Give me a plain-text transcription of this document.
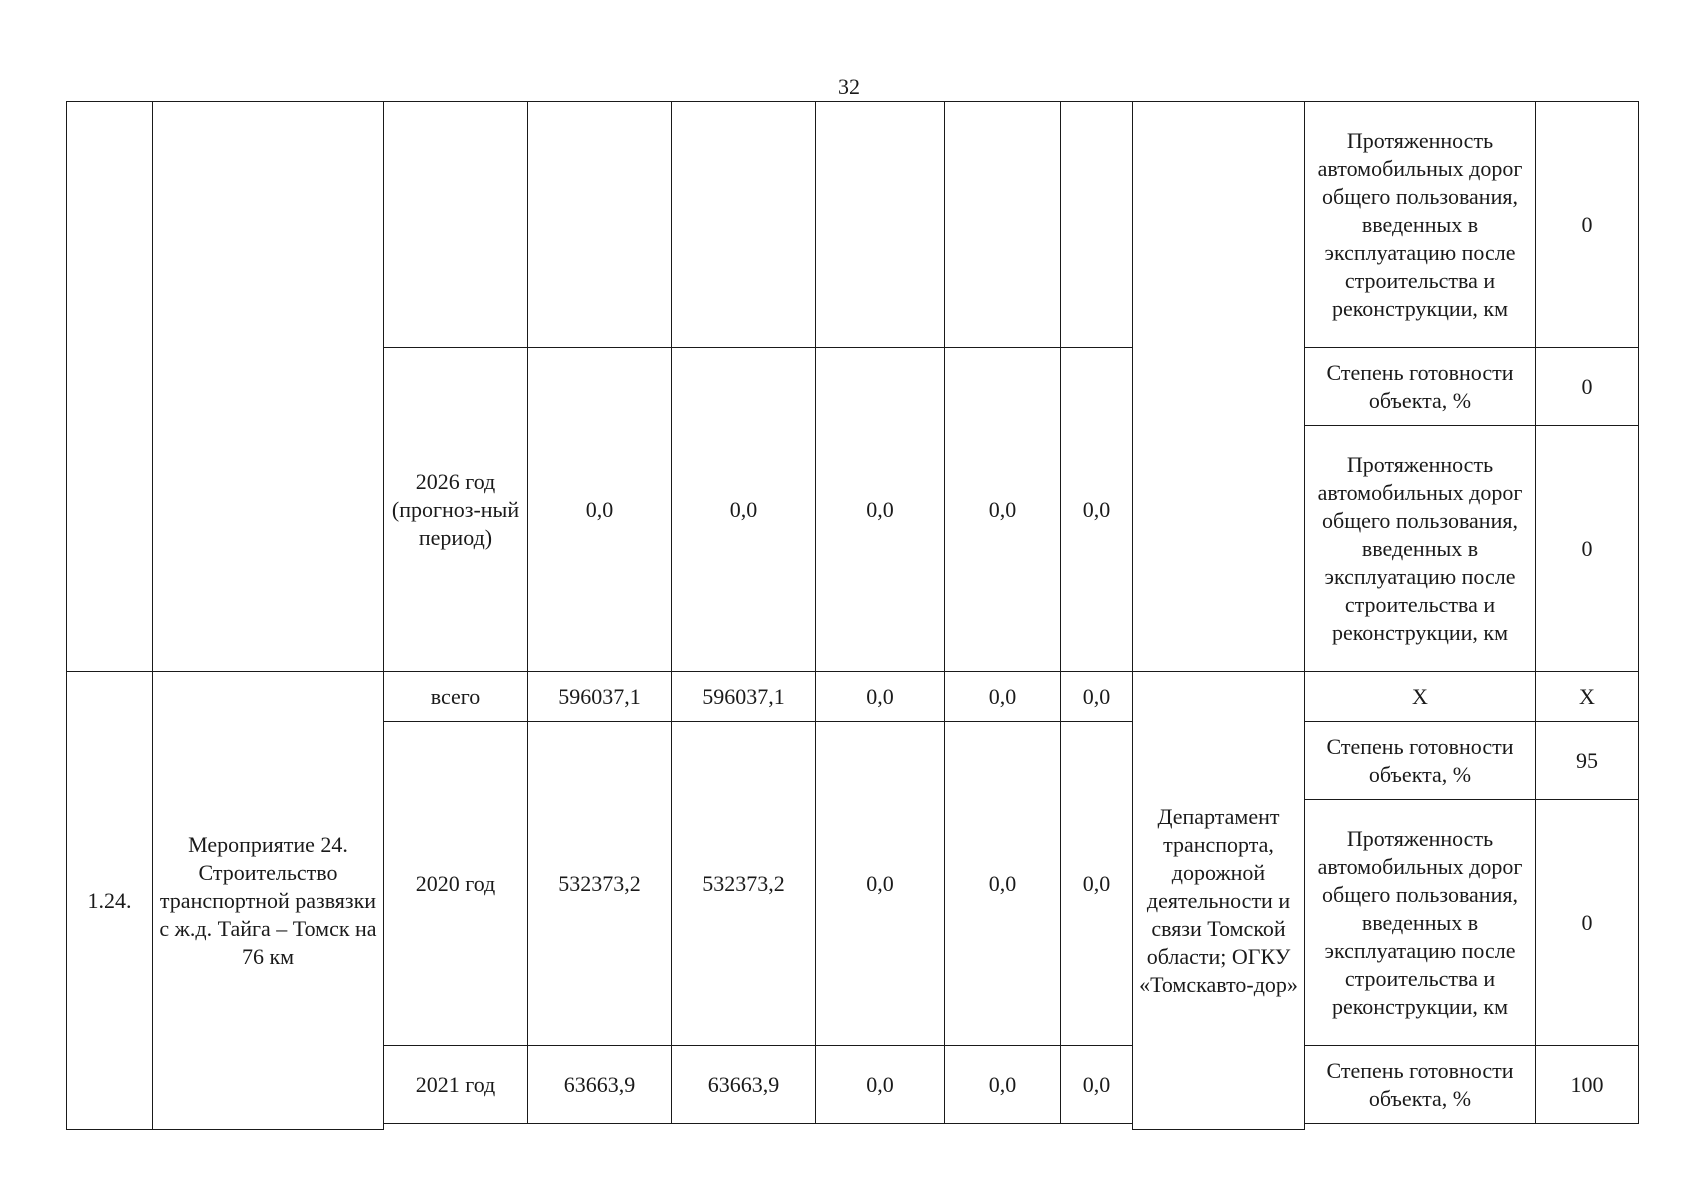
32
									Протяженность автомобильных дорог общего пользования, введенных в эксплуатацию после строительства и реконструкции, км	0
		2026 год (прогноз-ный период)	0,0	0,0	0,0	0,0	0,0		Степень готовности объекта, %	0
									Протяженность автомобильных дорог общего пользования, введенных в эксплуатацию после строительства и реконструкции, км	0
1.24.	Мероприятие 24. Строительство транспортной развязки с ж.д. Тайга – Томск на 76 км	всего	596037,1	596037,1	0,0	0,0	0,0	Департамент транспорта, дорожной деятельности и связи Томской области; ОГКУ «Томскавто-дор»	Х	Х
		2020 год	532373,2	532373,2	0,0	0,0	0,0		Степень готовности объекта, %	95
									Протяженность автомобильных дорог общего пользования, введенных в эксплуатацию после строительства и реконструкции, км	0
		2021 год	63663,9	63663,9	0,0	0,0	0,0		Степень готовности объекта, %	100
